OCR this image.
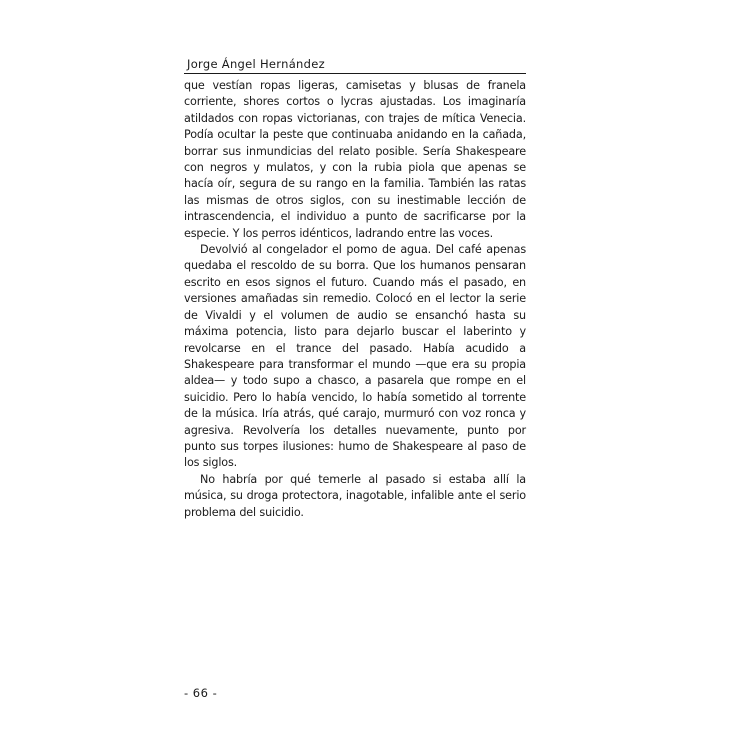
Jorge Ángel Hernández

que vestían ropas ligeras, camisetas y blusas de franela corriente, shores cortos o lycras ajustadas. Los imaginaría atildados con ropas victorianas, con trajes de mítica Venecia. Podía ocultar la peste que continuaba anidando en la cañada, borrar sus inmundicias del relato posible. Sería Shakespeare con negros y mulatos, y con la rubia piola que apenas se hacía oír, segura de su rango en la familia. También las ratas las mismas de otros siglos, con su inestimable lección de intrascendencia, el individuo a punto de sacrificarse por la especie. Y los perros idénticos, ladrando entre las voces.

Devolvió al congelador el pomo de agua. Del café apenas quedaba el rescoldo de su borra. Que los humanos pensaran escrito en esos signos el futuro. Cuando más el pasado, en versiones amañadas sin remedio. Colocó en el lector la serie de Vivaldi y el volumen de audio se ensanchó hasta su máxima potencia, listo para dejarlo buscar el laberinto y revolcarse en el trance del pasado. Había acudido a Shakespeare para transformar el mundo —que era su propia aldea— y todo supo a chasco, a pasarela que rompe en el suicidio. Pero lo había vencido, lo había sometido al torrente de la música. Iría atrás, qué carajo, murmuró con voz ronca y agresiva. Revolvería los detalles nuevamente, punto por punto sus torpes ilusiones: humo de Shakespeare al paso de los siglos.

No habría por qué temerle al pasado si estaba allí la música, su droga protectora, inagotable, infalible ante el serio problema del suicidio.

- 66 -
